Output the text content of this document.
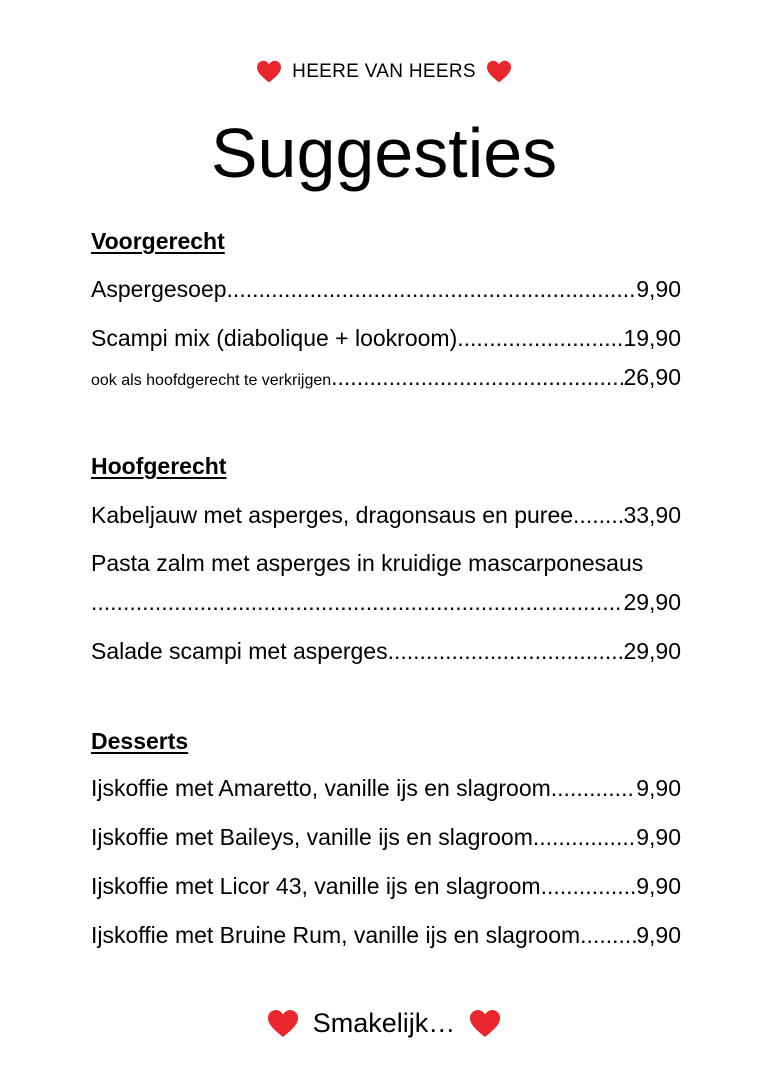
HEERE VAN HEERS
Suggesties
Voorgerecht
Aspergesoep .....	9,90
Scampi mix (diabolique + lookroom) .....	19,90
ook als hoofdgerecht te verkrijgen .....	26,90
Hoofgerecht
Kabeljauw met asperges, dragonsaus en puree ..... 33,90
Pasta zalm met asperges in kruidige mascarponesaus
.....
29,90
Salade scampi met asperges .....	29,90
Desserts
Ijskoffie met Amaretto, vanille ijs en slagroom .....	9,90
Ijskoffie met Baileys, vanille ijs en slagroom .....	9,90
Ijskoffie met Licor 43, vanille ijs en slagroom .....	9,90
Ijskoffie met Bruine Rum, vanille ijs en slagroom ..... 9,90
Smakelijk…
